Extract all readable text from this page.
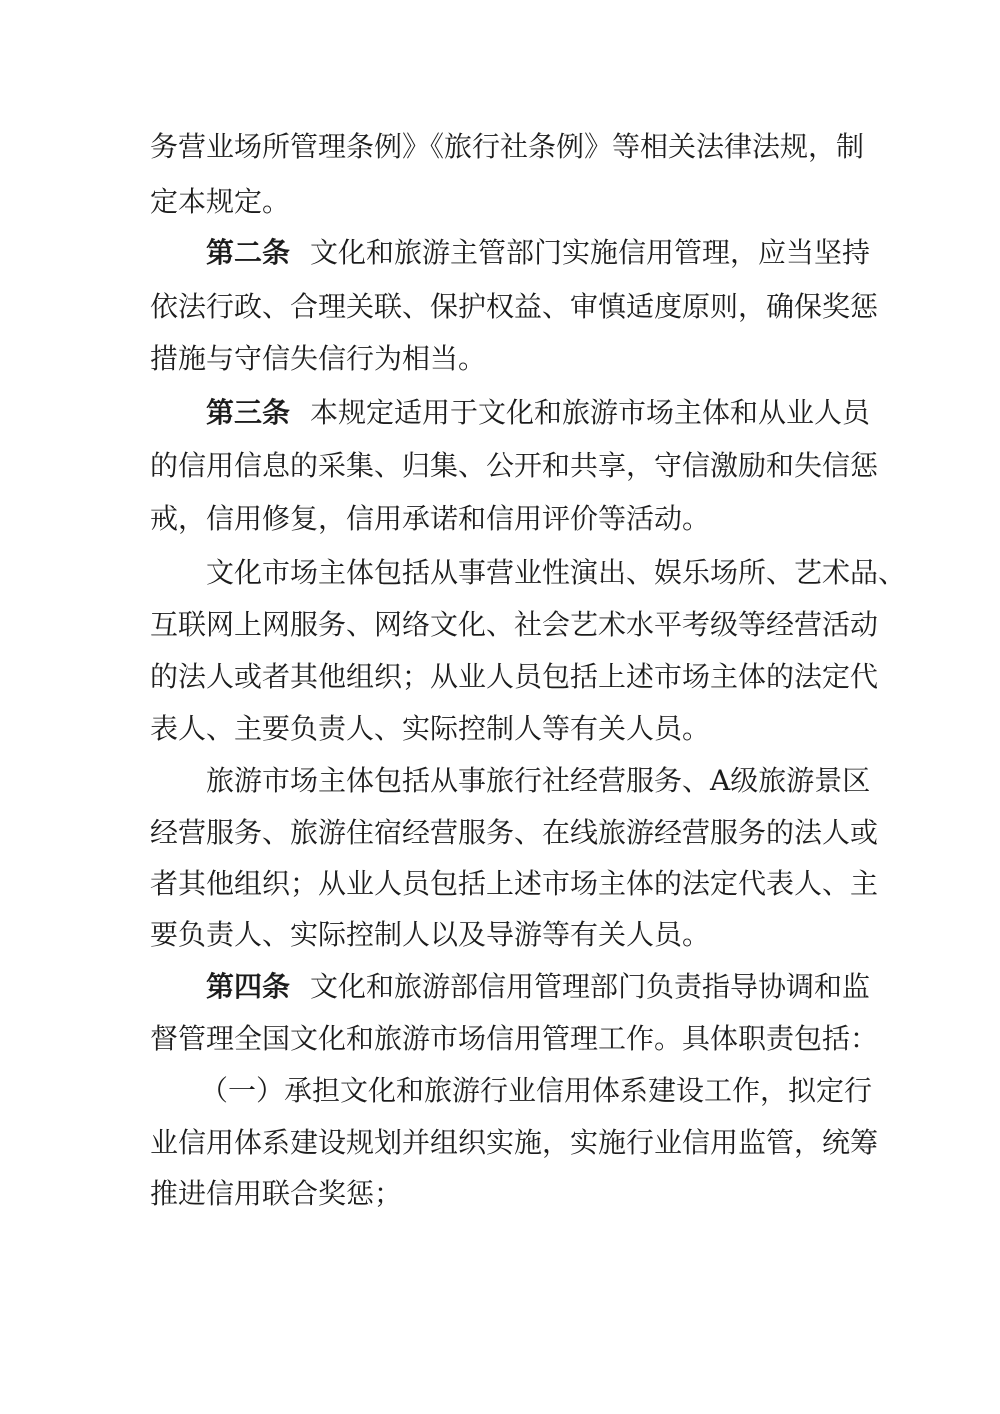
务营业场所管理条例》《旅行社条例》等相关法律法规，制
定本规定。
第二条 文化和旅游主管部门实施信用管理，应当坚持
依法行政、合理关联、保护权益、审慎适度原则，确保奖惩
措施与守信失信行为相当。
第三条 本规定适用于文化和旅游市场主体和从业人员
的信用信息的采集、归集、公开和共享，守信激励和失信惩
戒，信用修复，信用承诺和信用评价等活动。
文化市场主体包括从事营业性演出、娱乐场所、艺术品、
互联网上网服务、网络文化、社会艺术水平考级等经营活动
的法人或者其他组织；从业人员包括上述市场主体的法定代
表人、主要负责人、实际控制人等有关人员。
旅游市场主体包括从事旅行社经营服务、A级旅游景区
经营服务、旅游住宿经营服务、在线旅游经营服务的法人或
者其他组织；从业人员包括上述市场主体的法定代表人、主
要负责人、实际控制人以及导游等有关人员。
第四条 文化和旅游部信用管理部门负责指导协调和监
督管理全国文化和旅游市场信用管理工作。具体职责包括：
（一）承担文化和旅游行业信用体系建设工作，拟定行
业信用体系建设规划并组织实施，实施行业信用监管，统筹
推进信用联合奖惩；
